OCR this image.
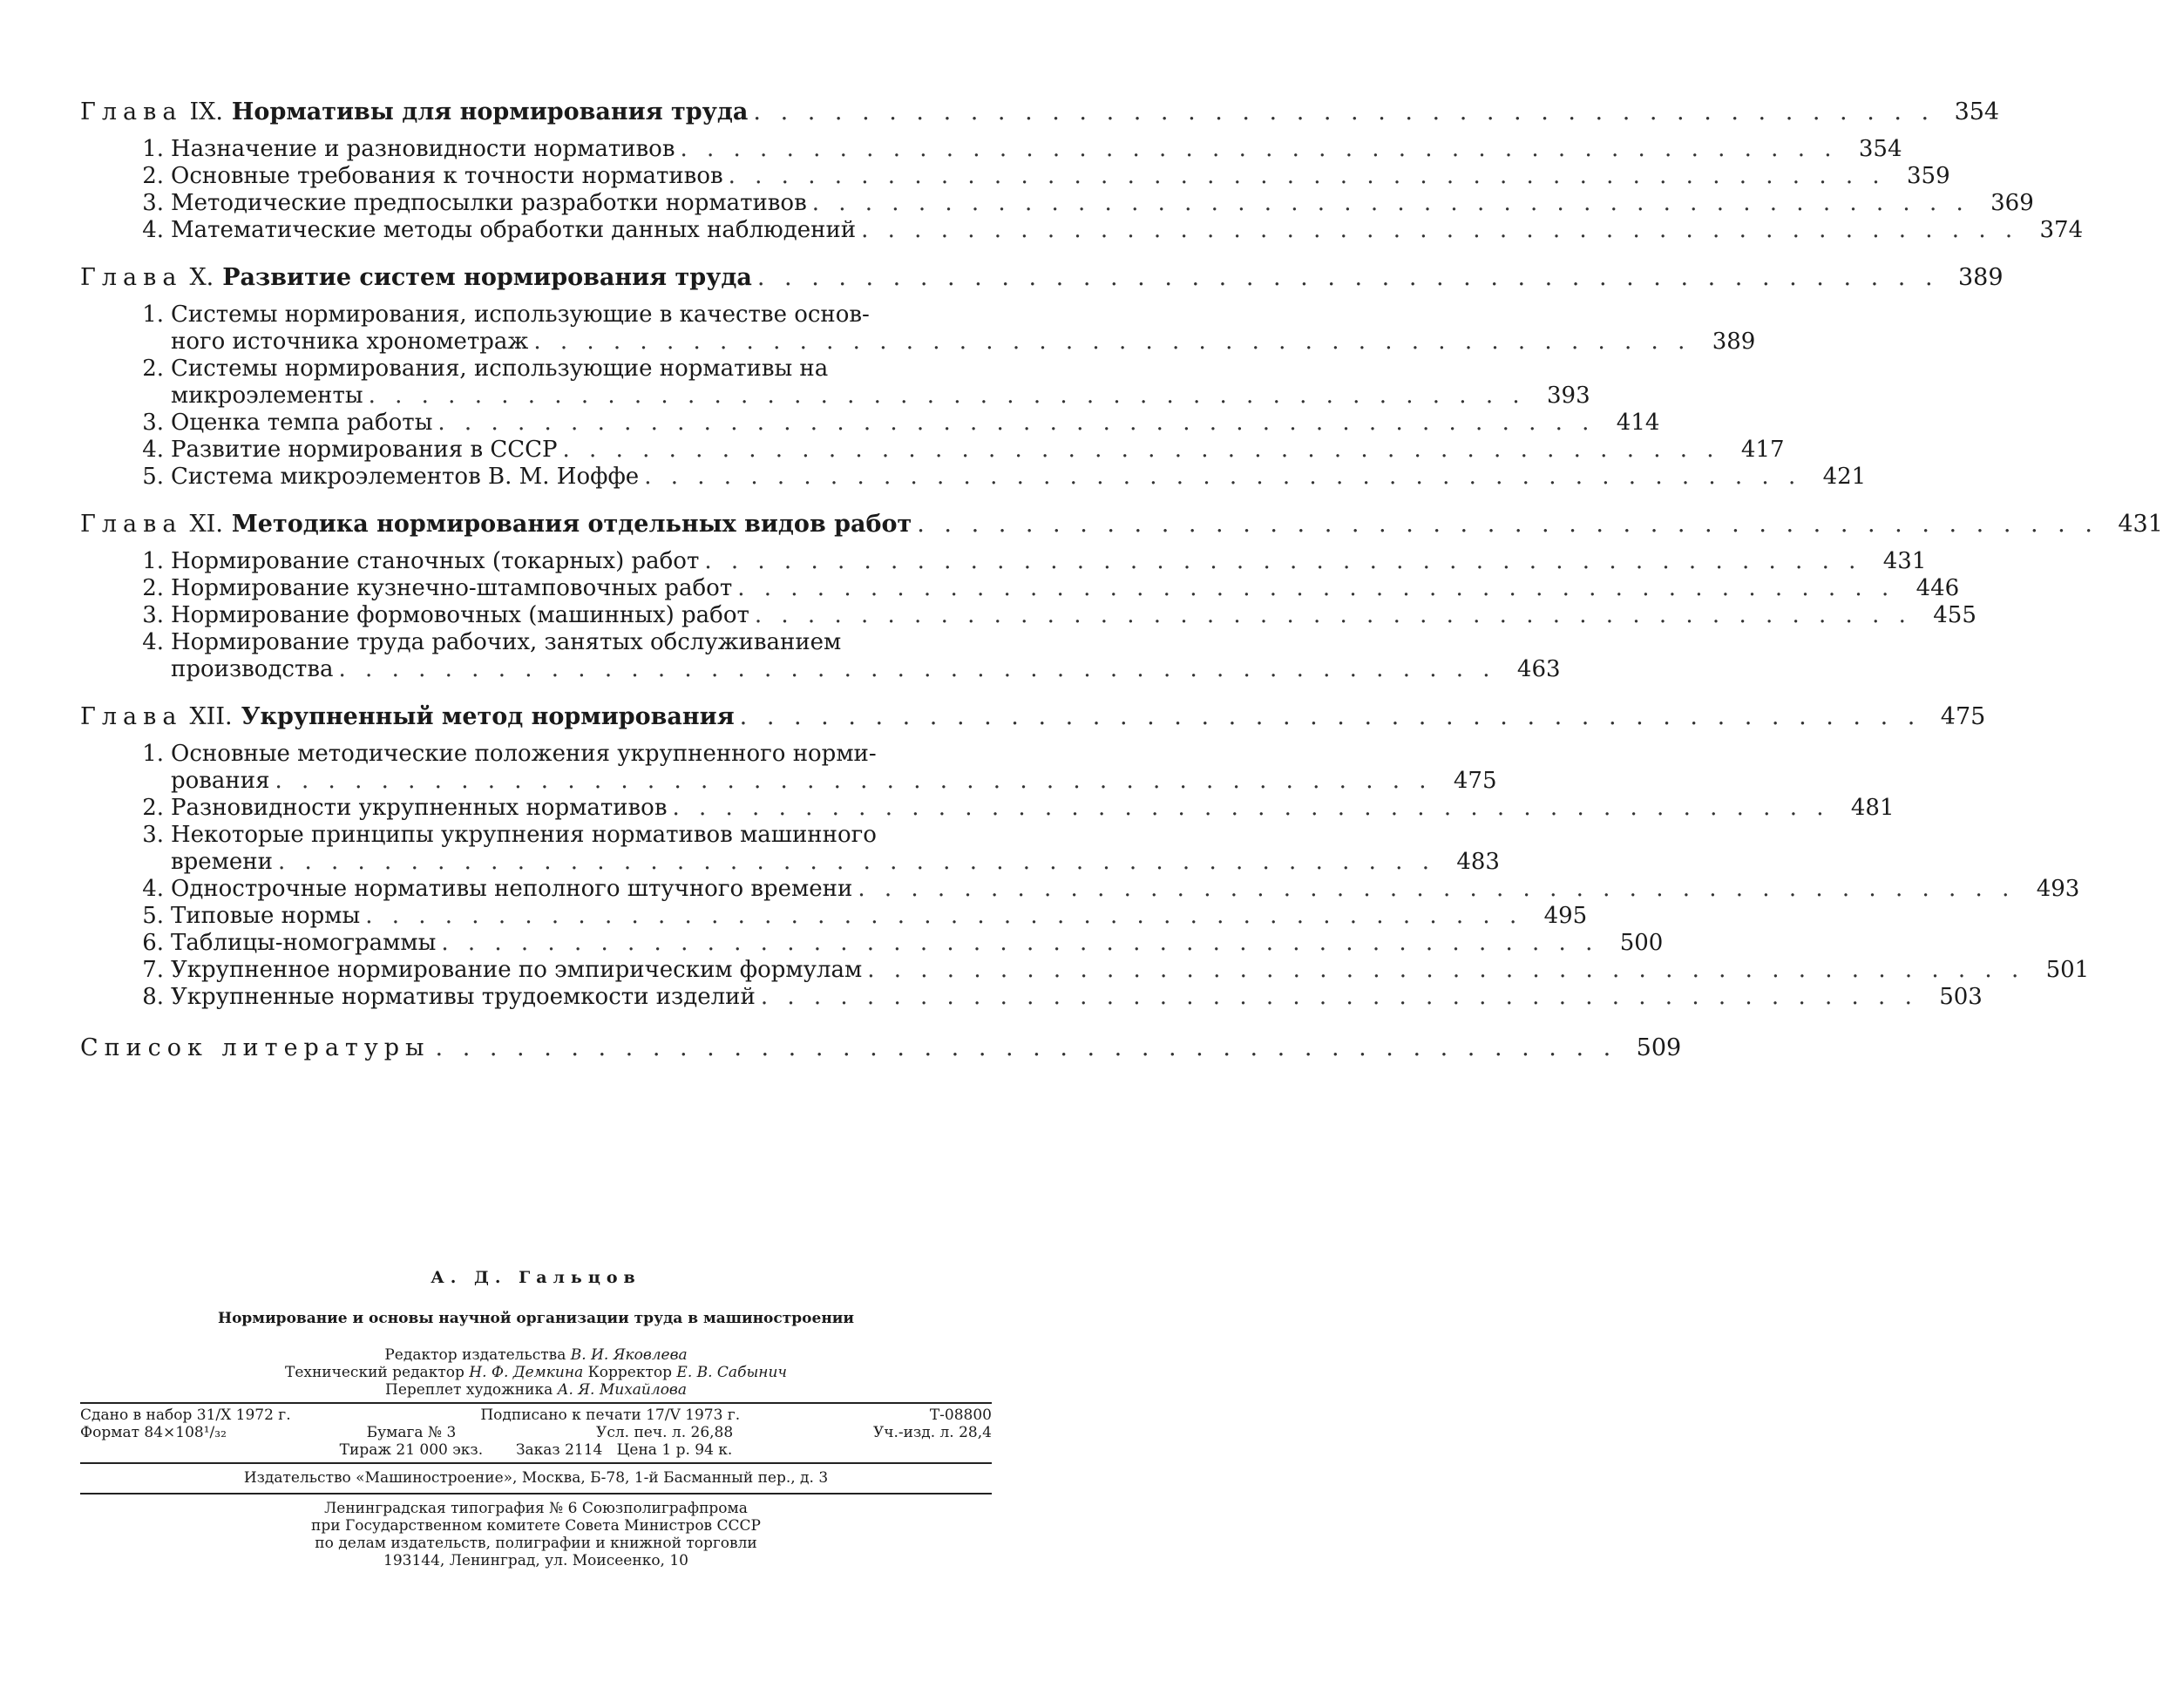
Глава IX. Нормативы для нормирования труда . . . . . . . . . . . . . . . . . . . . . . . . . . . . . . . . . . . . . . . . . . . . 354
1. Назначение и разновидности нормативов . . . . . . . . . . . . . . . . . . . . . . . . . . . . . . . . . . . . . . . . . . . . 354
2. Основные требования к точности нормативов . . . . . . . . . . . . . . . . . . . . . . . . . . . . . . . . . . . . . . . . . . . . 359
3. Методические предпосылки разработки нормативов . . . . . . . . . . . . . . . . . . . . . . . . . . . . . . . . . . . . . . . . . . . . 369
4. Математические методы обработки данных наблюдений . . . . . . . . . . . . . . . . . . . . . . . . . . . . . . . . . . . . . . . . . . . . 374
Глава X. Развитие систем нормирования труда . . . . . . . . . . . . . . . . . . . . . . . . . . . . . . . . . . . . . . . . . . . . 389
1. Системы нормирования, использующие в качестве основ-
ного источника хронометраж . . . . . . . . . . . . . . . . . . . . . . . . . . . . . . . . . . . . . . . . . . . . 389
2. Системы нормирования, использующие нормативы на
микроэлементы . . . . . . . . . . . . . . . . . . . . . . . . . . . . . . . . . . . . . . . . . . . . 393
3. Оценка темпа работы . . . . . . . . . . . . . . . . . . . . . . . . . . . . . . . . . . . . . . . . . . . . 414
4. Развитие нормирования в СССР . . . . . . . . . . . . . . . . . . . . . . . . . . . . . . . . . . . . . . . . . . . . 417
5. Система микроэлементов В. М. Иоффе . . . . . . . . . . . . . . . . . . . . . . . . . . . . . . . . . . . . . . . . . . . . 421
Глава XI. Методика нормирования отдельных видов работ . . . . . . . . . . . . . . . . . . . . . . . . . . . . . . . . . . . . . . . . . . . . 431
1. Нормирование станочных (токарных) работ . . . . . . . . . . . . . . . . . . . . . . . . . . . . . . . . . . . . . . . . . . . . 431
2. Нормирование кузнечно-штамповочных работ . . . . . . . . . . . . . . . . . . . . . . . . . . . . . . . . . . . . . . . . . . . . 446
3. Нормирование формовочных (машинных) работ . . . . . . . . . . . . . . . . . . . . . . . . . . . . . . . . . . . . . . . . . . . . 455
4. Нормирование труда рабочих, занятых обслуживанием
производства . . . . . . . . . . . . . . . . . . . . . . . . . . . . . . . . . . . . . . . . . . . . 463
Глава XII. Укрупненный метод нормирования . . . . . . . . . . . . . . . . . . . . . . . . . . . . . . . . . . . . . . . . . . . . 475
1. Основные методические положения укрупненного норми-
рования . . . . . . . . . . . . . . . . . . . . . . . . . . . . . . . . . . . . . . . . . . . . 475
2. Разновидности укрупненных нормативов . . . . . . . . . . . . . . . . . . . . . . . . . . . . . . . . . . . . . . . . . . . . 481
3. Некоторые принципы укрупнения нормативов машинного
времени . . . . . . . . . . . . . . . . . . . . . . . . . . . . . . . . . . . . . . . . . . . . 483
4. Однострочные нормативы неполного штучного времени . . . . . . . . . . . . . . . . . . . . . . . . . . . . . . . . . . . . . . . . . . . . 493
5. Типовые нормы . . . . . . . . . . . . . . . . . . . . . . . . . . . . . . . . . . . . . . . . . . . . 495
6. Таблицы-номограммы . . . . . . . . . . . . . . . . . . . . . . . . . . . . . . . . . . . . . . . . . . . . 500
7. Укрупненное нормирование по эмпирическим формулам . . . . . . . . . . . . . . . . . . . . . . . . . . . . . . . . . . . . . . . . . . . . 501
8. Укрупненные нормативы трудоемкости изделий . . . . . . . . . . . . . . . . . . . . . . . . . . . . . . . . . . . . . . . . . . . . 503
Список литературы . . . . . . . . . . . . . . . . . . . . . . . . . . . . . . . . . . . . . . . . . . . . 509
А. Д. Гальцов
Нормирование и основы научной организации труда в машиностроении
Редактор издательства В. И. Яковлева
Технический редактор Н. Ф. Демкина Корректор Е. В. Сабынич
Переплет художника А. Я. Михайлова
Сдано в набор 31/X 1972 г.	Подписано к печати 17/V 1973 г.	Т-08800
Формат 84×108¹/₃₂	Бумага № 3	Усл. печ. л. 26,88	Уч.-изд. л. 28,4
Тираж 21 000 экз. Заказ 2114 Цена 1 р. 94 к.
Издательство «Машиностроение», Москва, Б-78, 1-й Басманный пер., д. 3
Ленинградская типография № 6 Союзполиграфпрома
при Государственном комитете Совета Министров СССР
по делам издательств, полиграфии и книжной торговли
193144, Ленинград, ул. Моисеенко, 10
